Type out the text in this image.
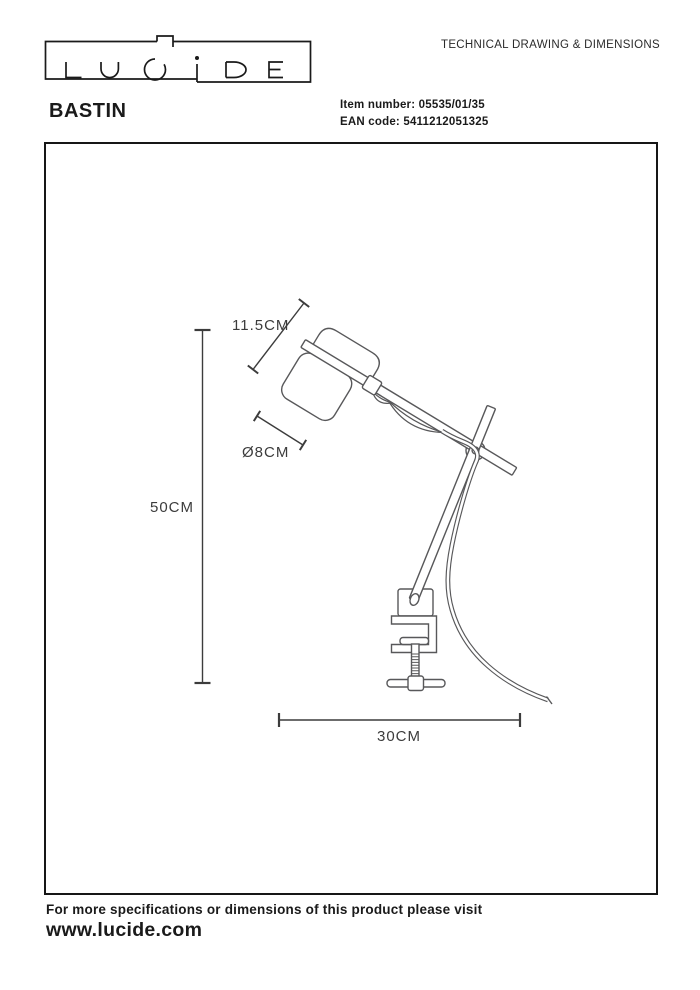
BASTIN
TECHNICAL DRAWING & DIMENSIONS
Item number: 05535/01/35
EAN code: 5411212051325
11.5CM
Ø8CM
50CM
30CM
For more specifications or dimensions of this product please visit
www.lucide.com
